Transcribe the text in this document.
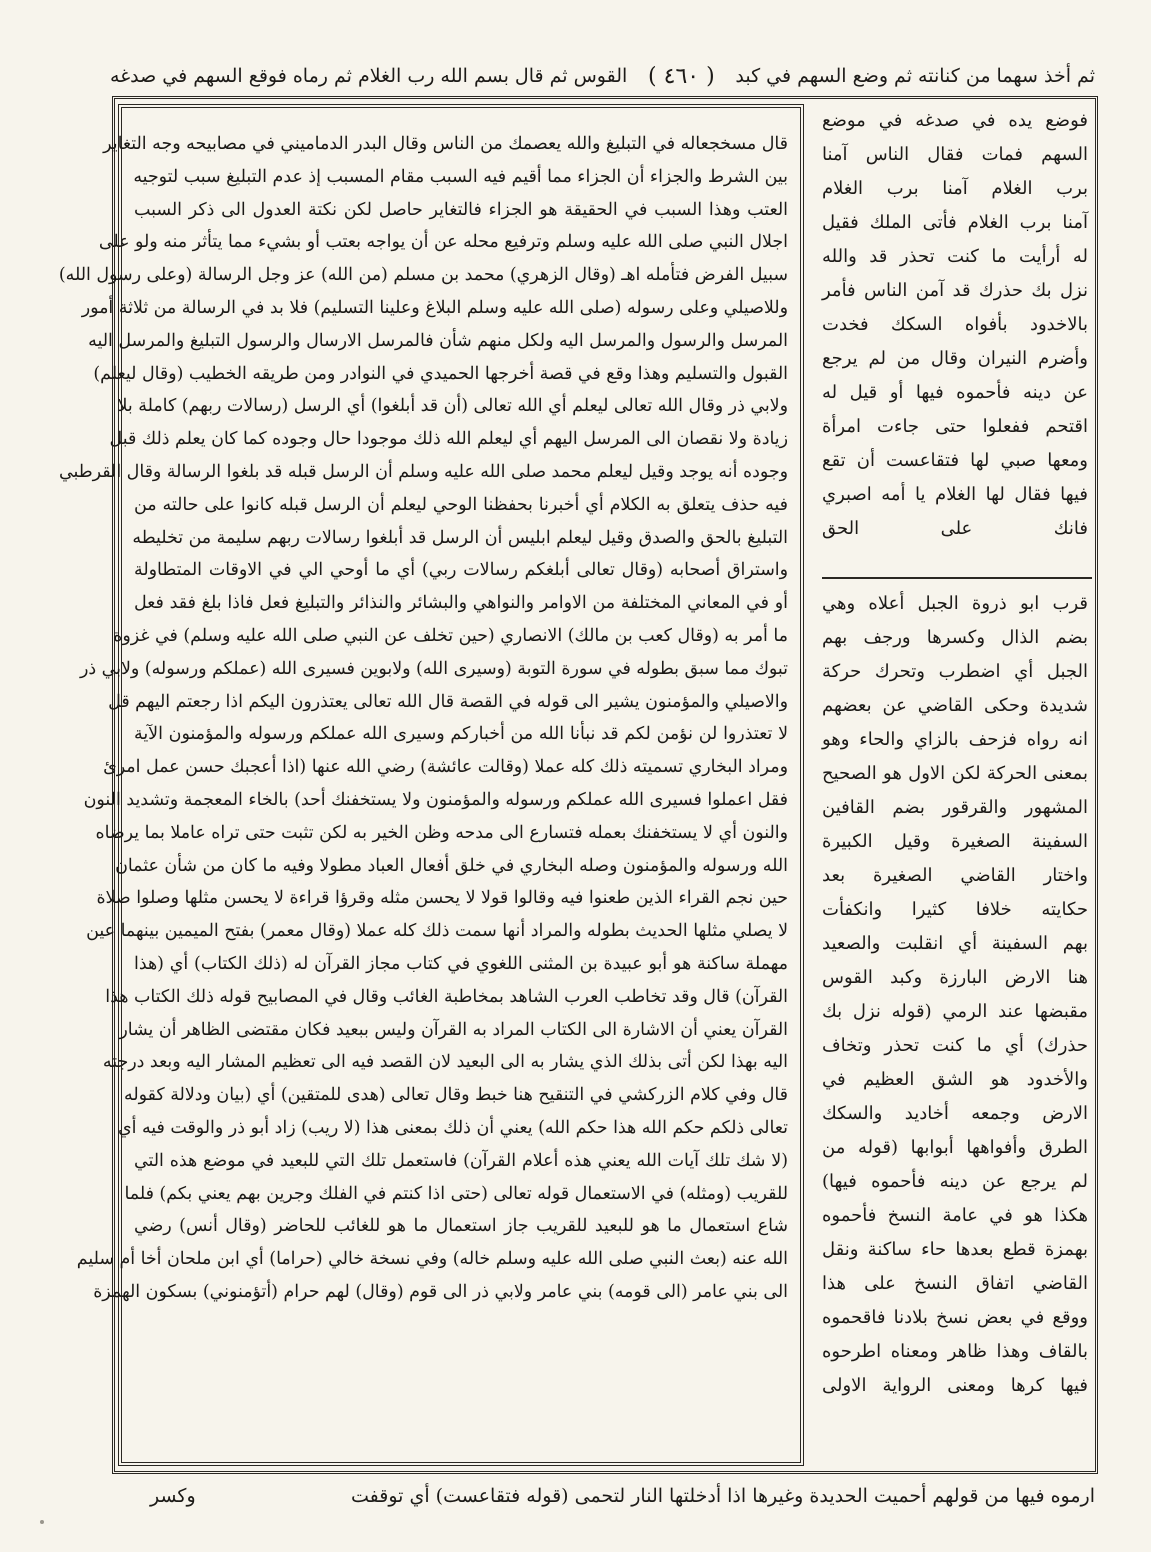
ثم أخذ سهما من كنانته ثم وضع السهم في كبد
( ٤٦٠ )
القوس ثم قال بسم الله رب الغلام ثم رماه فوقع السهم في صدغه
قال مسخجعاله في التبليغ والله يعصمك من الناس وقال البدر الدماميني في مصابيحه وجه التغاير
بين الشرط والجزاء أن الجزاء مما أقيم فيه السبب مقام المسبب إذ عدم التبليغ سبب لتوجيه
العتب وهذا السبب في الحقيقة هو الجزاء فالتغاير حاصل لكن نكتة العدول الى ذكر السبب
اجلال النبي صلى الله عليه وسلم وترفيع محله عن أن يواجه بعتب أو بشيء مما يتأثر منه ولو على
سبيل الفرض فتأمله اهـ (وقال الزهري) محمد بن مسلم (من الله) عز وجل الرسالة (وعلى رسول الله)
وللاصيلي وعلى رسوله (صلى الله عليه وسلم البلاغ وعلينا التسليم) فلا بد في الرسالة من ثلاثة أمور
المرسل والرسول والمرسل اليه ولكل منهم شأن فالمرسل الارسال والرسول التبليغ والمرسل اليه
القبول والتسليم وهذا وقع في قصة أخرجها الحميدي في النوادر ومن طريقه الخطيب (وقال ليعلم)
ولابي ذر وقال الله تعالى ليعلم أي الله تعالى (أن قد أبلغوا) أي الرسل (رسالات ربهم) كاملة بلا
زيادة ولا نقصان الى المرسل اليهم أي ليعلم الله ذلك موجودا حال وجوده كما كان يعلم ذلك قبل
وجوده أنه يوجد وقيل ليعلم محمد صلى الله عليه وسلم أن الرسل قبله قد بلغوا الرسالة وقال القرطبي
فيه حذف يتعلق به الكلام أي أخبرنا بحفظنا الوحي ليعلم أن الرسل قبله كانوا على حالته من
التبليغ بالحق والصدق وقيل ليعلم ابليس أن الرسل قد أبلغوا رسالات ربهم سليمة من تخليطه
واستراق أصحابه (وقال تعالى أبلغكم رسالات ربي) أي ما أوحي الي في الاوقات المتطاولة
أو في المعاني المختلفة من الاوامر والنواهي والبشائر والنذائر والتبليغ فعل فاذا بلغ فقد فعل
ما أمر به (وقال كعب بن مالك) الانصاري (حين تخلف عن النبي صلى الله عليه وسلم) في غزوة
تبوك مما سبق بطوله في سورة التوبة (وسيرى الله) ولابوين فسيرى الله (عملكم ورسوله) ولابي ذر
والاصيلي والمؤمنون يشير الى قوله في القصة قال الله تعالى يعتذرون اليكم اذا رجعتم اليهم قل
لا تعتذروا لن نؤمن لكم قد نبأنا الله من أخباركم وسيرى الله عملكم ورسوله والمؤمنون الآية
ومراد البخاري تسميته ذلك كله عملا (وقالت عائشة) رضي الله عنها (اذا أعجبك حسن عمل امرئ
فقل اعملوا فسيرى الله عملكم ورسوله والمؤمنون ولا يستخفنك أحد) بالخاء المعجمة وتشديد النون
والنون أي لا يستخفنك بعمله فتسارع الى مدحه وظن الخير به لكن تثبت حتى تراه عاملا بما يرضاه
الله ورسوله والمؤمنون وصله البخاري في خلق أفعال العباد مطولا وفيه ما كان من شأن عثمان
حين نجم القراء الذين طعنوا فيه وقالوا قولا لا يحسن مثله وقرؤا قراءة لا يحسن مثلها وصلوا صلاة
لا يصلي مثلها الحديث بطوله والمراد أنها سمت ذلك كله عملا (وقال معمر) بفتح الميمين بينهما عين
مهملة ساكنة هو أبو عبيدة بن المثنى اللغوي في كتاب مجاز القرآن له (ذلك الكتاب) أي (هذا
القرآن) قال وقد تخاطب العرب الشاهد بمخاطبة الغائب وقال في المصابيح قوله ذلك الكتاب هذا
القرآن يعني أن الاشارة الى الكتاب المراد به القرآن وليس ببعيد فكان مقتضى الظاهر أن يشار
اليه بهذا لكن أتى بذلك الذي يشار به الى البعيد لان القصد فيه الى تعظيم المشار اليه وبعد درجته
قال وفي كلام الزركشي في التنقيح هنا خبط وقال تعالى (هدى للمتقين) أي (بيان ودلالة كقوله
تعالى ذلكم حكم الله هذا حكم الله) يعني أن ذلك بمعنى هذا (لا ريب) زاد أبو ذر والوقت فيه أي
(لا شك تلك آيات الله يعني هذه أعلام القرآن) فاستعمل تلك التي للبعيد في موضع هذه التي
للقريب (ومثله) في الاستعمال قوله تعالى (حتى اذا كنتم في الفلك وجرين بهم يعني بكم) فلما
شاع استعمال ما هو للبعيد للقريب جاز استعمال ما هو للغائب للحاضر (وقال أنس) رضي
الله عنه (بعث النبي صلى الله عليه وسلم خاله) وفي نسخة خالي (حراما) أي ابن ملحان أخا أم سليم
الى بني عامر (الى قومه) بني عامر ولابي ذر الى قوم (وقال) لهم حرام (أتؤمنوني) بسكون الهمزة
فوضع يده في صدغه في موضع
السهم فمات فقال الناس آمنا
برب الغلام آمنا برب الغلام
آمنا برب الغلام فأتى الملك فقيل
له أرأيت ما كنت تحذر قد والله
نزل بك حذرك قد آمن الناس فأمر
بالاخدود بأفواه السكك فخدت
وأضرم النيران وقال من لم يرجع
عن دينه فأحموه فيها أو قيل له
اقتحم ففعلوا حتى جاءت امرأة
ومعها صبي لها فتقاعست أن تقع
فيها فقال لها الغلام يا أمه اصبري
فانك على الحق
قرب ابو ذروة الجبل أعلاه وهي
بضم الذال وكسرها ورجف بهم
الجبل أي اضطرب وتحرك حركة
شديدة وحكى القاضي عن بعضهم
انه رواه فزحف بالزاي والحاء وهو
بمعنى الحركة لكن الاول هو الصحيح
المشهور والقرقور بضم القافين
السفينة الصغيرة وقيل الكبيرة
واختار القاضي الصغيرة بعد
حكايته خلافا كثيرا وانكفأت
بهم السفينة أي انقلبت والصعيد
هنا الارض البارزة وكبد القوس
مقبضها عند الرمي (قوله نزل بك
حذرك) أي ما كنت تحذر وتخاف
والأخدود هو الشق العظيم في
الارض وجمعه أخاديد والسكك
الطرق وأفواهها أبوابها (قوله من
لم يرجع عن دينه فأحموه فيها)
هكذا هو في عامة النسخ فأحموه
بهمزة قطع بعدها حاء ساكنة ونقل
القاضي اتفاق النسخ على هذا
ووقع في بعض نسخ بلادنا فاقحموه
بالقاف وهذا ظاهر ومعناه اطرحوه
فيها كرها ومعنى الرواية الاولى
ارموه فيها من قولهم أحميت الحديدة وغيرها اذا أدخلتها النار لتحمى (قوله فتقاعست) أي توقفت
وكسر
